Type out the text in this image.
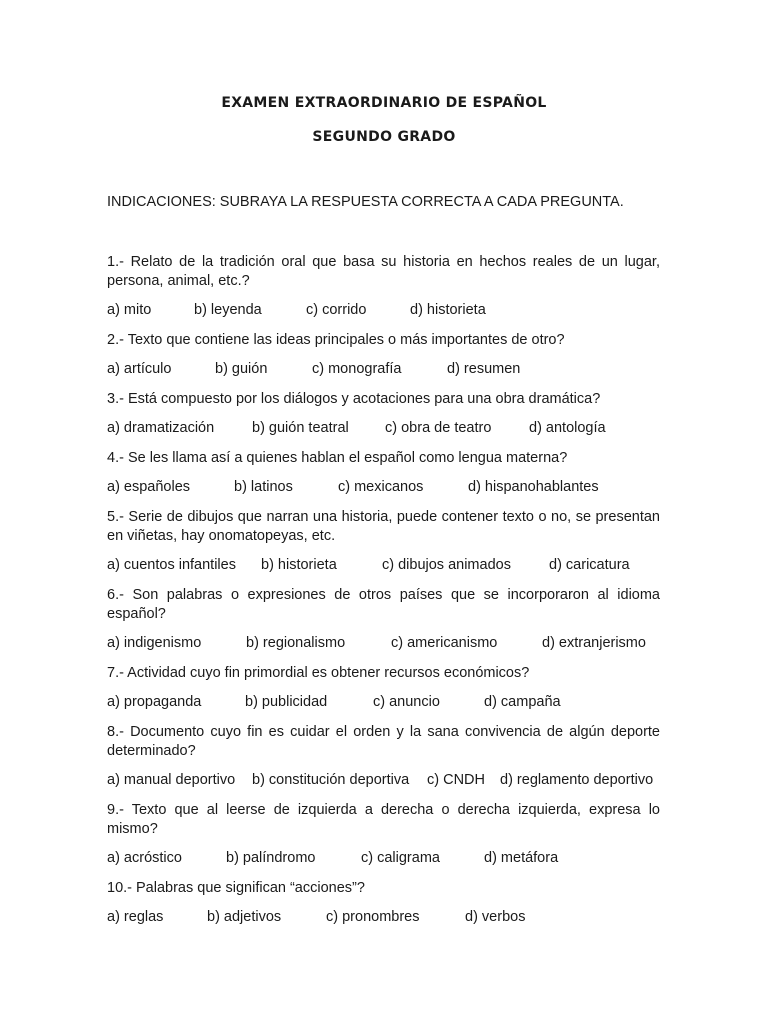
EXAMEN EXTRAORDINARIO DE ESPAÑOL
SEGUNDO GRADO
INDICACIONES: SUBRAYA LA RESPUESTA CORRECTA A CADA PREGUNTA.

1.- Relato de la tradición oral que basa su historia en hechos reales de un lugar, persona, animal, etc.?

a) mito	b) leyenda	c) corrido	d) historieta

2.- Texto que contiene las ideas principales o más importantes de otro?

a) artículo	b) guión	c) monografía	d) resumen

3.- Está compuesto por los diálogos y acotaciones para una obra dramática?

a) dramatización	b) guión teatral	c) obra de teatro	d) antología

4.- Se les llama así a quienes hablan el español como lengua materna?

a) españoles	b) latinos	c) mexicanos	d) hispanohablantes

5.- Serie de dibujos que narran una historia, puede contener texto o no, se presentan en viñetas, hay onomatopeyas, etc.

a) cuentos infantiles	b) historieta	c) dibujos animados	d) caricatura

6.- Son palabras o expresiones de otros países que se incorporaron al idioma español?

a) indigenismo	b) regionalismo	c) americanismo	d) extranjerismo

7.- Actividad cuyo fin primordial es obtener recursos económicos?

a) propaganda	b) publicidad	c) anuncio	d) campaña

8.- Documento cuyo fin es cuidar el orden y la sana convivencia de algún deporte determinado?

a) manual deportivo	b) constitución deportiva	c) CNDH	d) reglamento deportivo

9.- Texto que al leerse de izquierda a derecha o derecha izquierda, expresa lo mismo?

a) acróstico	b) palíndromo	c) caligrama	d) metáfora

10.- Palabras que significan “acciones”?

a) reglas	b) adjetivos	c) pronombres	d) verbos
